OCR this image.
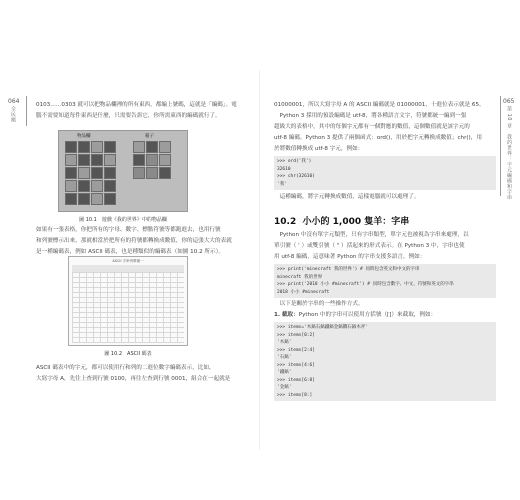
064
全民瘋

0103……0303 就可以把物品欄裡的所有東西，都編上號碼，這就是「編碼」。電
腦不需要知道每件東西是什麼，只需要告訴它，你所需東西的編碼就行了。

物品欄	箱子
圖 10.1　遊戲《我的世界》中的物品欄

如果有一張表格，你把所有的字母、數字、標點符號等都跑進去，也用行號
和列號標示出來，那就相當於把所有的符號都轉換成數值，你的這張大大的表就
是一種編碼表，例如 ASCII 碼表，也是種類似的編碼表（如圖 10.2 所示）。

ASCII 字串列舉號一
圖 10.2　ASCII 碼表

ASCII 碼表中的字元，都可以使用行和列的二進位數字編碼表示，比如，
大寫字母 A，先往上查到行號 0100，再往左查到行號 0001，組合在一起就是

065
第 10 章　我的世界：字元編碼和字串

01000001，所以大寫字母 A 的 ASCII 編碼就是 01000001，十進位表示就是 65。
　Python 3 採用的預設編碼是 utf-8，將各種語言文字，符號都統一編到一張
超級大的表格中，其中的每個字元都有一個對應的數值，這個數值就是該字元的
utf-8 編碼。Python 3 提供了兩個函式：ord()，用於把字元轉換成數值；chr()，用
於將數值轉換成 utf-8 字元，例如：

>>> ord('我')
32610
>>> chr(32610)
'我'

　這種編碼，將字元轉換成數值，這樣電腦就可以處理了。

10.2 小小的 1,000 隻羊：字串

　Python 中沒有單字元類型，只有字串類型，單字元也被視為字串來處理，以
單引號（ ' ）或雙引號（ " ）括起來的形式表示。在 Python 3 中，字串也使
用 utf-8 編碼，這意味著 Python 的字串支援多語言，例如：

>>> print('minecraft 我的世界') # 同時包含英文和中文的字串
minecraft 我的世界
>>> print('2018 小小 #minecraft') # 同時包含數字、中文、符號和英文的字串
2018 小小 #minecraft

　以下是關於字串的一些操作方式。

1. 截取：Python 中的字串可以使用方括號（[]）來截取，例如：

>>> items='木鎬石鎬鐵鎬金鎬鑽石鎬木斧'
>>> items[0:2]
'木鎬'
>>> items[2:4]
'石鎬'
>>> items[4:6]
'鐵鎬'
>>> items[6:8]
'金鎬'
>>> items[8:]
